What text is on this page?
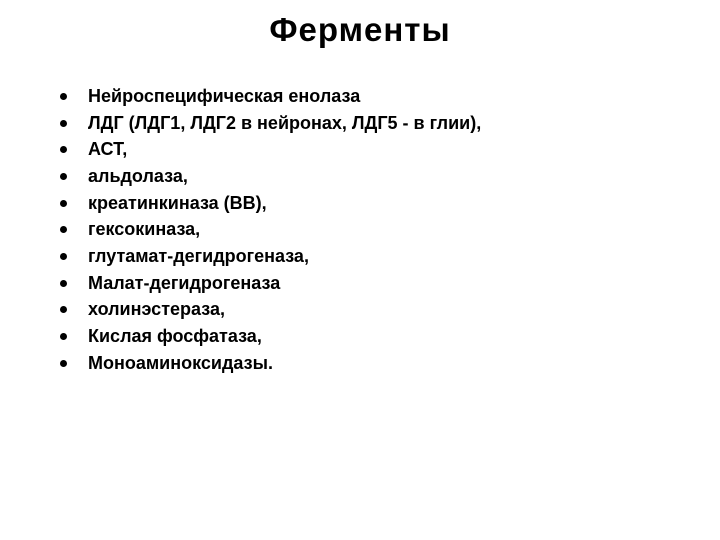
Ферменты
Нейроспецифическая енолаза
ЛДГ (ЛДГ1, ЛДГ2 в нейронах, ЛДГ5 - в глии),
АСТ,
альдолаза,
креатинкиназа (ВВ),
гексокиназа,
глутамат-дегидрогеназа,
Малат-дегидрогеназа
холинэстераза,
Кислая фосфатаза,
Моноаминоксидазы.
